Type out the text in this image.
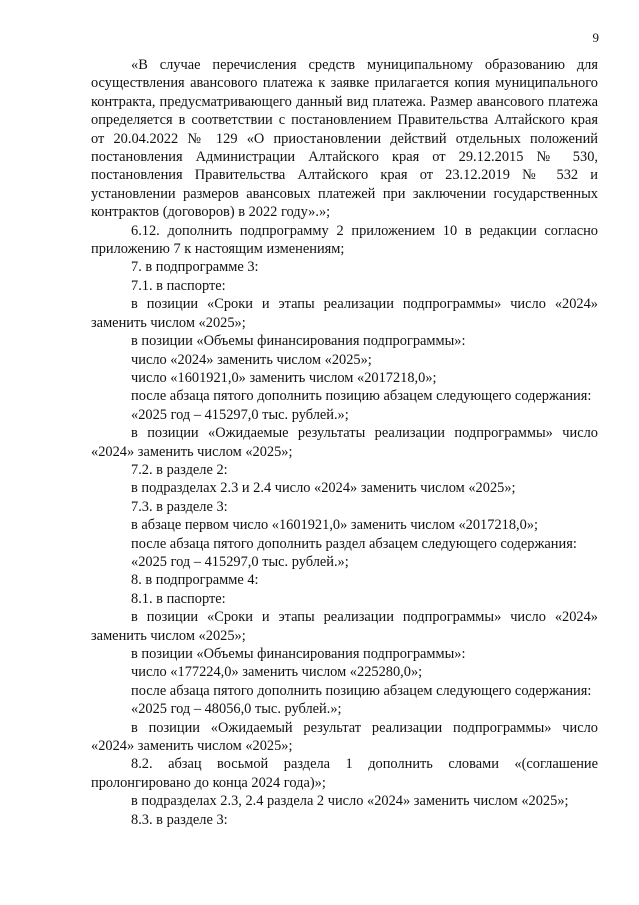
9

«В случае перечисления средств муниципальному образованию для осуществления авансового платежа к заявке прилагается копия муниципального контракта, предусматривающего данный вид платежа. Размер авансового платежа определяется в соответствии с постановлением Правительства Алтайского края от 20.04.2022 № 129 «О приостановлении действий отдельных положений постановления Администрации Алтайского края от 29.12.2015 № 530, постановления Правительства Алтайского края от 23.12.2019 № 532 и установлении размеров авансовых платежей при заключении государственных контрактов (договоров) в 2022 году».»;

6.12. дополнить подпрограмму 2 приложением 10 в редакции согласно приложению 7 к настоящим изменениям;

7. в подпрограмме 3:

7.1. в паспорте:

в позиции «Сроки и этапы реализации подпрограммы» число «2024» заменить числом «2025»;

в позиции «Объемы финансирования подпрограммы»:

число «2024» заменить числом «2025»;

число «1601921,0» заменить числом «2017218,0»;

после абзаца пятого дополнить позицию абзацем следующего содержания:

«2025 год – 415297,0 тыс. рублей.»;

в позиции «Ожидаемые результаты реализации подпрограммы» число «2024» заменить числом «2025»;

7.2. в разделе 2:

в подразделах 2.3 и 2.4 число «2024» заменить числом «2025»;

7.3. в разделе 3:

в абзаце первом число «1601921,0» заменить числом «2017218,0»;

после абзаца пятого дополнить раздел абзацем следующего содержания:

«2025 год – 415297,0 тыс. рублей.»;

8. в подпрограмме 4:

8.1. в паспорте:

в позиции «Сроки и этапы реализации подпрограммы» число «2024» заменить числом «2025»;

в позиции «Объемы финансирования подпрограммы»:

число «177224,0» заменить числом «225280,0»;

после абзаца пятого дополнить позицию абзацем следующего содержания:

«2025 год – 48056,0 тыс. рублей.»;

в позиции «Ожидаемый результат реализации подпрограммы» число «2024» заменить числом «2025»;

8.2. абзац восьмой раздела 1 дополнить словами «(соглашение пролонгировано до конца 2024 года)»;

в подразделах 2.3, 2.4 раздела 2 число «2024» заменить числом «2025»;

8.3. в разделе 3:
